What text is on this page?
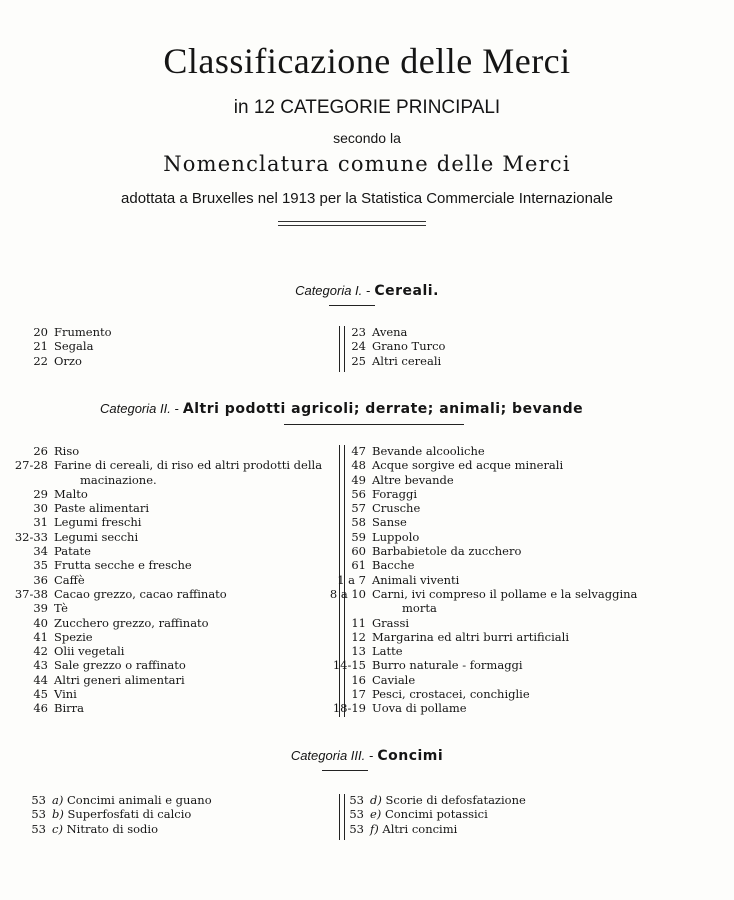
Classificazione delle Merci
in 12 CATEGORIE PRINCIPALI
secondo la
Nomenclatura comune delle Merci
adottata a Bruxelles nel 1913 per la Statistica Commerciale Internazionale
Categoria I. - Cereali.
20 Frumento
21 Segala
22 Orzo
23 Avena
24 Grano Turco
25 Altri cereali
Categoria II. - Altri podotti agricoli; derrate; animali; bevande
26 Riso
27-28 Farine di cereali, di riso ed altri prodotti della
macinazione.
29 Malto
30 Paste alimentari
31 Legumi freschi
32-33 Legumi secchi
34 Patate
35 Frutta secche e fresche
36 Caffè
37-38 Cacao grezzo, cacao raffinato
39 Tè
40 Zucchero grezzo, raffinato
41 Spezie
42 Olii vegetali
43 Sale grezzo o raffinato
44 Altri generi alimentari
45 Vini
46 Birra
47 Bevande alcooliche
48 Acque sorgive ed acque minerali
49 Altre bevande
56 Foraggi
57 Crusche
58 Sanse
59 Luppolo
60 Barbabietole da zucchero
61 Bacche
1 a 7 Animali viventi
8 a 10 Carni, ivi compreso il pollame e la selvaggina
morta
11 Grassi
12 Margarina ed altri burri artificiali
13 Latte
14-15 Burro naturale - formaggi
16 Caviale
17 Pesci, crostacei, conchiglie
18-19 Uova di pollame
Categoria III. - Concimi
53 a) Concimi animali e guano
53 b) Superfosfati di calcio
53 c) Nitrato di sodio
53 d) Scorie di defosfatazione
53 e) Concimi potassici
53 f) Altri concimi
